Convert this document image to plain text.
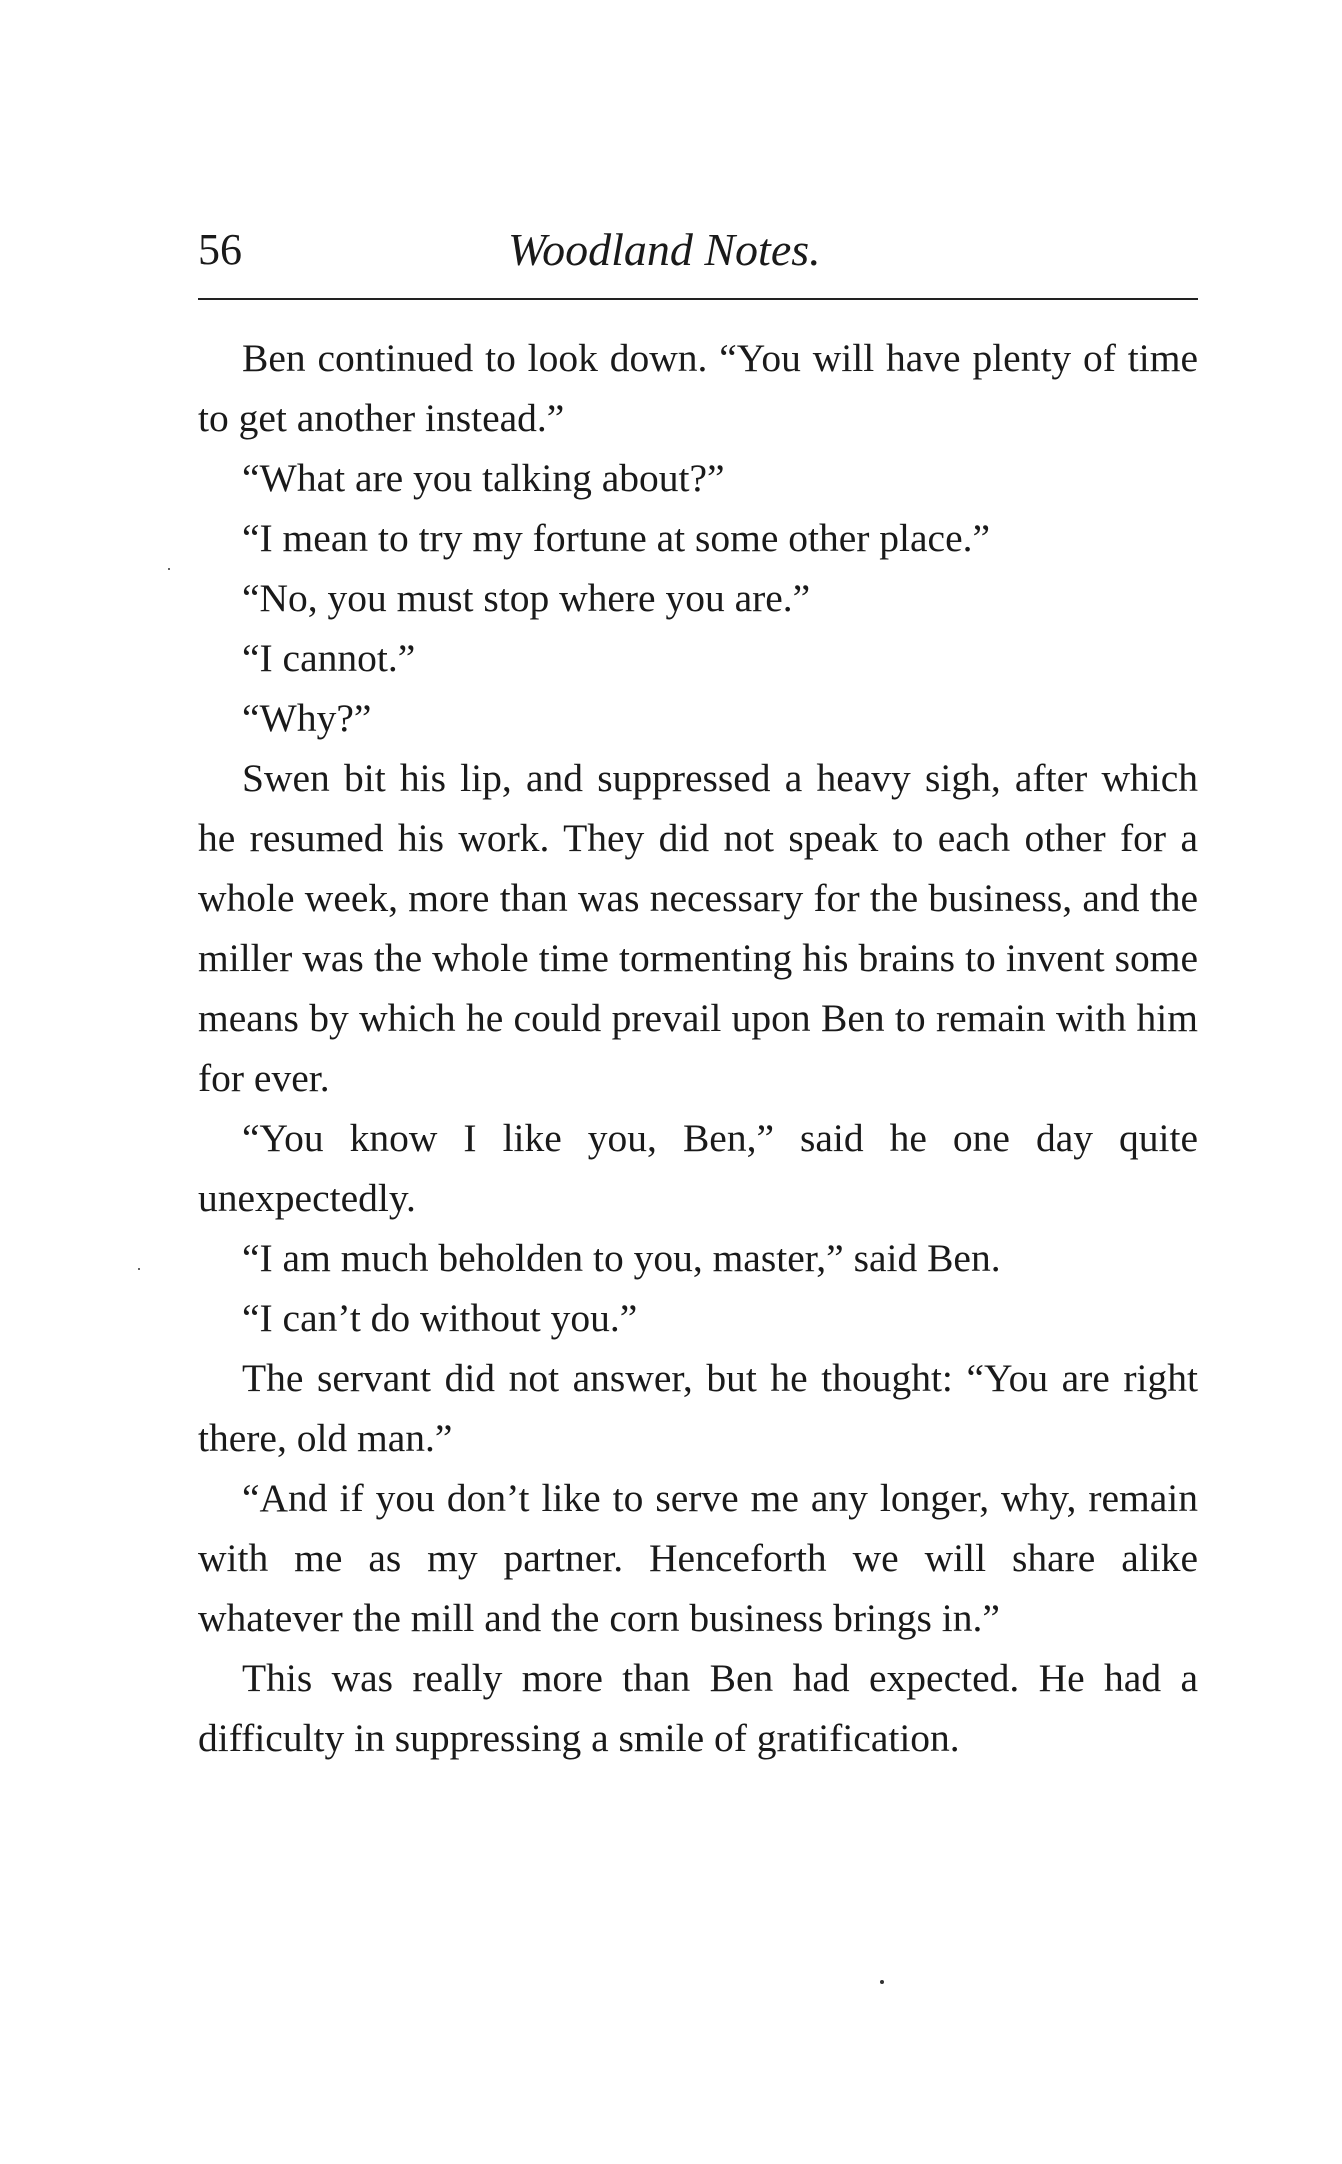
56	Woodland Notes.

Ben continued to look down. “You will have plenty of time to get another instead.”

“What are you talking about?”

“I mean to try my fortune at some other place.”

“No, you must stop where you are.”

“I cannot.”

“Why?”

Swen bit his lip, and suppressed a heavy sigh, after which he resumed his work. They did not speak to each other for a whole week, more than was necessary for the business, and the miller was the whole time tormenting his brains to invent some means by which he could prevail upon Ben to remain with him for ever.

“You know I like you, Ben,” said he one day quite unexpectedly.

“I am much beholden to you, master,” said Ben.

“I can’t do without you.”

The servant did not answer, but he thought: “You are right there, old man.”

“And if you don’t like to serve me any longer, why, remain with me as my partner. Henceforth we will share alike whatever the mill and the corn business brings in.”

This was really more than Ben had expected. He had a difficulty in suppressing a smile of gratification.
